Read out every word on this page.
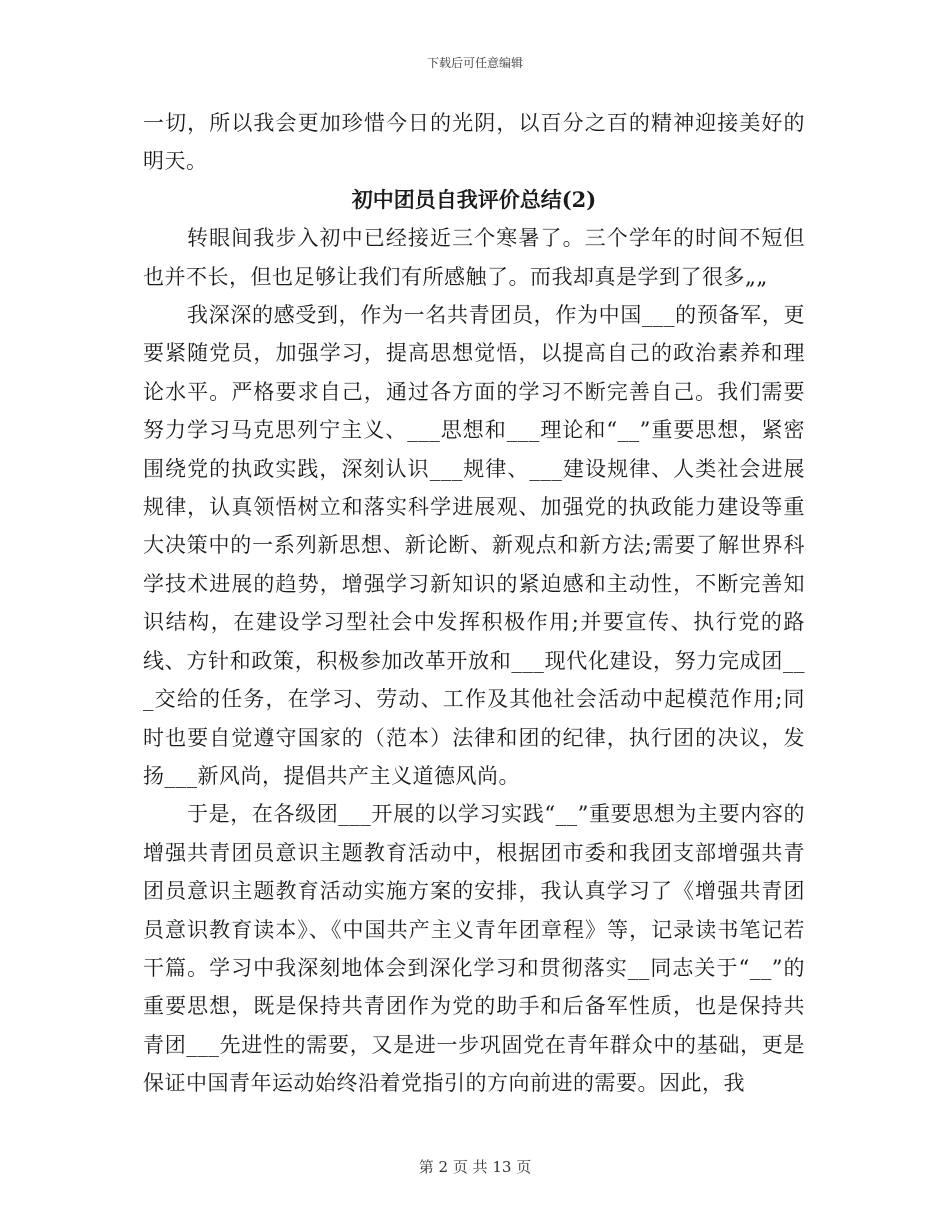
下载后可任意编辑

一切，所以我会更加珍惜今日的光阴，以百分之百的精神迎接美好的明天。

初中团员自我评价总结(2)

转眼间我步入初中已经接近三个寒暑了。三个学年的时间不短但也并不长，但也足够让我们有所感触了。而我却真是学到了很多„„

我深深的感受到，作为一名共青团员，作为中国___的预备军，更要紧随党员，加强学习，提高思想觉悟，以提高自己的政治素养和理论水平。严格要求自己，通过各方面的学习不断完善自己。我们需要努力学习马克思列宁主义、___思想和___理论和“__”重要思想，紧密围绕党的执政实践，深刻认识___规律、___建设规律、人类社会进展规律，认真领悟树立和落实科学进展观、加强党的执政能力建设等重大决策中的一系列新思想、新论断、新观点和新方法;需要了解世界科学技术进展的趋势，增强学习新知识的紧迫感和主动性，不断完善知识结构，在建设学习型社会中发挥积极作用;并要宣传、执行党的路线、方针和政策，积极参加改革开放和___现代化建设，努力完成团___交给的任务，在学习、劳动、工作及其他社会活动中起模范作用;同时也要自觉遵守国家的（范本）法律和团的纪律，执行团的决议，发扬___新风尚，提倡共产主义道德风尚。

于是，在各级团___开展的以学习实践“__”重要思想为主要内容的增强共青团员意识主题教育活动中，根据团市委和我团支部增强共青团员意识主题教育活动实施方案的安排，我认真学习了《增强共青团员意识教育读本》、《中国共产主义青年团章程》等，记录读书笔记若干篇。学习中我深刻地体会到深化学习和贯彻落实__同志关于“__”的重要思想，既是保持共青团作为党的助手和后备军性质，也是保持共青团___先进性的需要，又是进一步巩固党在青年群众中的基础，更是保证中国青年运动始终沿着党指引的方向前进的需要。因此，我

第 2 页 共 13 页
